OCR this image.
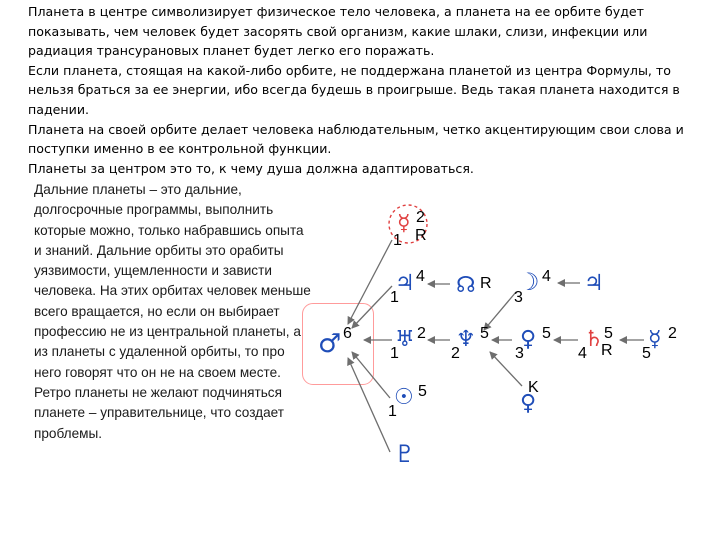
Планета в центре символизирует физическое тело человека, а планета на ее орбите будет показывать, чем человек будет засорять свой организм, какие шлаки, слизи, инфекции или радиация трансурановых планет будет легко его поражать.

Если планета, стоящая на какой-либо орбите, не поддержана планетой из центра Формулы, то нельзя браться за ее энергии, ибо всегда будешь в проигрыше. Ведь такая планета находится в падении.

Планета на своей орбите делает человека наблюдательным, четко акцентирующим свои слова и поступки именно в ее контрольной функции.

Планеты за центром это то, к чему душа должна адаптироваться.

Дальние планеты – это дальние, долгосрочные программы, выполнить которые можно, только набравшись опыта и знаний. Дальние орбиты это орабиты уязвимости, ущемленности и зависти человека. На этих орбитах человек меньше всего вращается, но если он выбирает профессию не из центральной планеты, а из планеты с удаленной орбиты, то про него говорят что он не на своем месте. Ретро планеты не желают подчиняться планете – управительнице, что создает проблемы.

♂ 6
☿ 2
1 R
♃ 4
1	☊ R ☽ 4
3
♃
♅ 2
1
♆ 5
2
♀ 5
3
♄ 5
4 R ☿ 2
5
☉ 5
1	♀
K
♇
